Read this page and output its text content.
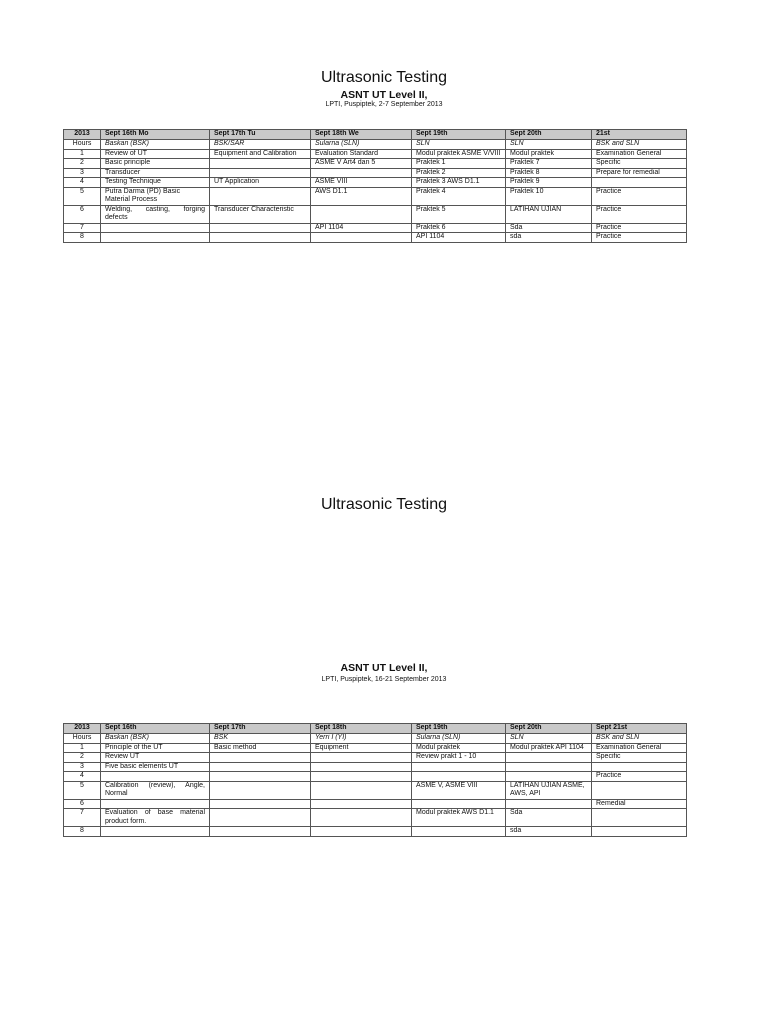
Ultrasonic Testing
ASNT UT Level II,

LPTI, Puspiptek, 2-7 September 2013

2013	Sept 16th Mo	Sept 17th Tu	Sept 18th We	Sept 19th	Sept 20th	21st
Hours	Baskan (BSK)	BSK/SAR	Sularna (SLN)	SLN	SLN	BSK and SLN
1	Review of UT	Equipment and Calibration	Evaluation Standard	Modul praktek ASME V/VIII	Modul praktek	Examination General
2	Basic principle		ASME V Art4 dan 5	Praktek 1	Praktek 7	Specific
3	Transducer			Praktek 2	Praktek 8	Prepare for remedial
4	Testing Technique	UT Application	ASME VIII	Praktek 3 AWS D1.1	Praktek 9	
5	Putra Darma (PD) Basic Material Process		AWS D1.1	Praktek 4	Praktek 10	Practice
6	Welding, casting, forging defects	Transducer Characteristic		Praktek 5	LATIHAN UJIAN	Practice
7			API 1104	Praktek 6	Sda	Practice
8				API 1104	sda	Practice
Ultrasonic Testing
ASNT UT Level II,

LPTI, Puspiptek, 16-21 September 2013

2013	Sept 16th	Sept 17th	Sept 18th	Sept 19th	Sept 20th	Sept 21st
Hours	Baskan (BSK)	BSK	Yerri I (YI)	Sularna (SLN)	SLN	BSK and SLN
1	Principle of the UT	Basic method	Equipment	Modul praktek	Modul praktek API 1104	Examination General
2	Review UT			Review prakt 1 - 10		Specific
3	Five basic elements UT					
4						Practice
5	Calibration (review), Angle, Normal			ASME V, ASME VIII	LATIHAN UJIAN ASME, AWS, API	
6						Remedial
7	Evaluation of base material product form.			Modul praktek AWS D1.1	Sda	
8					sda	
